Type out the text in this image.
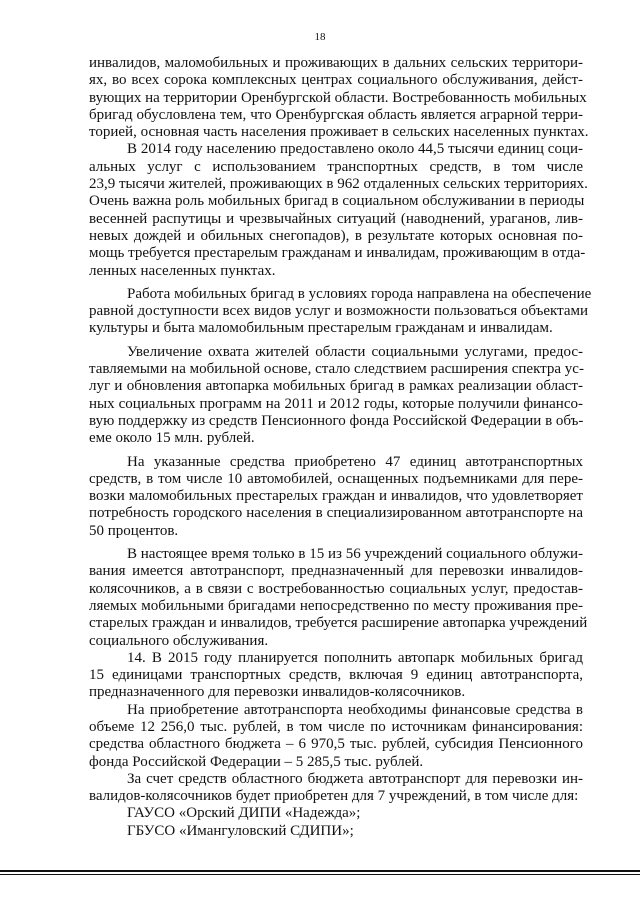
18
инвалидов, маломобильных и проживающих в дальних сельских территори-
ях, во всех сорока комплексных центрах социального обслуживания, дейст-
вующих на территории Оренбургской области. Востребованность мобильных
бригад обусловлена тем, что Оренбургская область является аграрной терри-
торией, основная часть населения проживает в сельских населенных пунктах.
В 2014 году населению предоставлено около 44,5 тысячи единиц соци-
альных услуг с использованием транспортных средств, в том числе
23,9 тысячи жителей, проживающих в 962 отдаленных сельских территориях.
Очень важна роль мобильных бригад в социальном обслуживании в периоды
весенней распутицы и чрезвычайных ситуаций (наводнений, ураганов, лив-
невых дождей и обильных снегопадов), в результате которых основная по-
мощь требуется престарелым гражданам и инвалидам, проживающим в отда-
ленных населенных пунктах.
Работа мобильных бригад в условиях города направлена на обеспечение
равной доступности всех видов услуг и возможности пользоваться объектами
культуры и быта маломобильным престарелым гражданам и инвалидам.
Увеличение охвата жителей области социальными услугами, предос-
тавляемыми на мобильной основе, стало следствием расширения спектра ус-
луг и обновления автопарка мобильных бригад в рамках реализации област-
ных социальных программ на 2011 и 2012 годы, которые получили финансо-
вую поддержку из средств Пенсионного фонда Российской Федерации в объ-
еме около 15 млн. рублей.
На указанные средства приобретено 47 единиц автотранспортных
средств, в том числе 10 автомобилей, оснащенных подъемниками для пере-
возки маломобильных престарелых граждан и инвалидов, что удовлетворяет
потребность городского населения в специализированном автотранспорте на
50 процентов.
В настоящее время только в 15 из 56 учреждений социального облужи-
вания имеется автотранспорт, предназначенный для перевозки инвалидов-
колясочников, а в связи с востребованностью социальных услуг, предостав-
ляемых мобильными бригадами непосредственно по месту проживания пре-
старелых граждан и инвалидов, требуется расширение автопарка учреждений
социального обслуживания.
14. В 2015 году планируется пополнить автопарк мобильных бригад
15 единицами транспортных средств, включая 9 единиц автотранспорта,
предназначенного для перевозки инвалидов-колясочников.
На приобретение автотранспорта необходимы финансовые средства в
объеме 12 256,0 тыс. рублей, в том числе по источникам финансирования:
средства областного бюджета – 6 970,5 тыс. рублей, субсидия Пенсионного
фонда Российской Федерации – 5 285,5 тыс. рублей.
За счет средств областного бюджета автотранспорт для перевозки ин-
валидов-колясочников будет приобретен для 7 учреждений, в том числе для:
ГАУСО «Орский ДИПИ «Надежда»;
ГБУСО «Имангуловский СДИПИ»;
